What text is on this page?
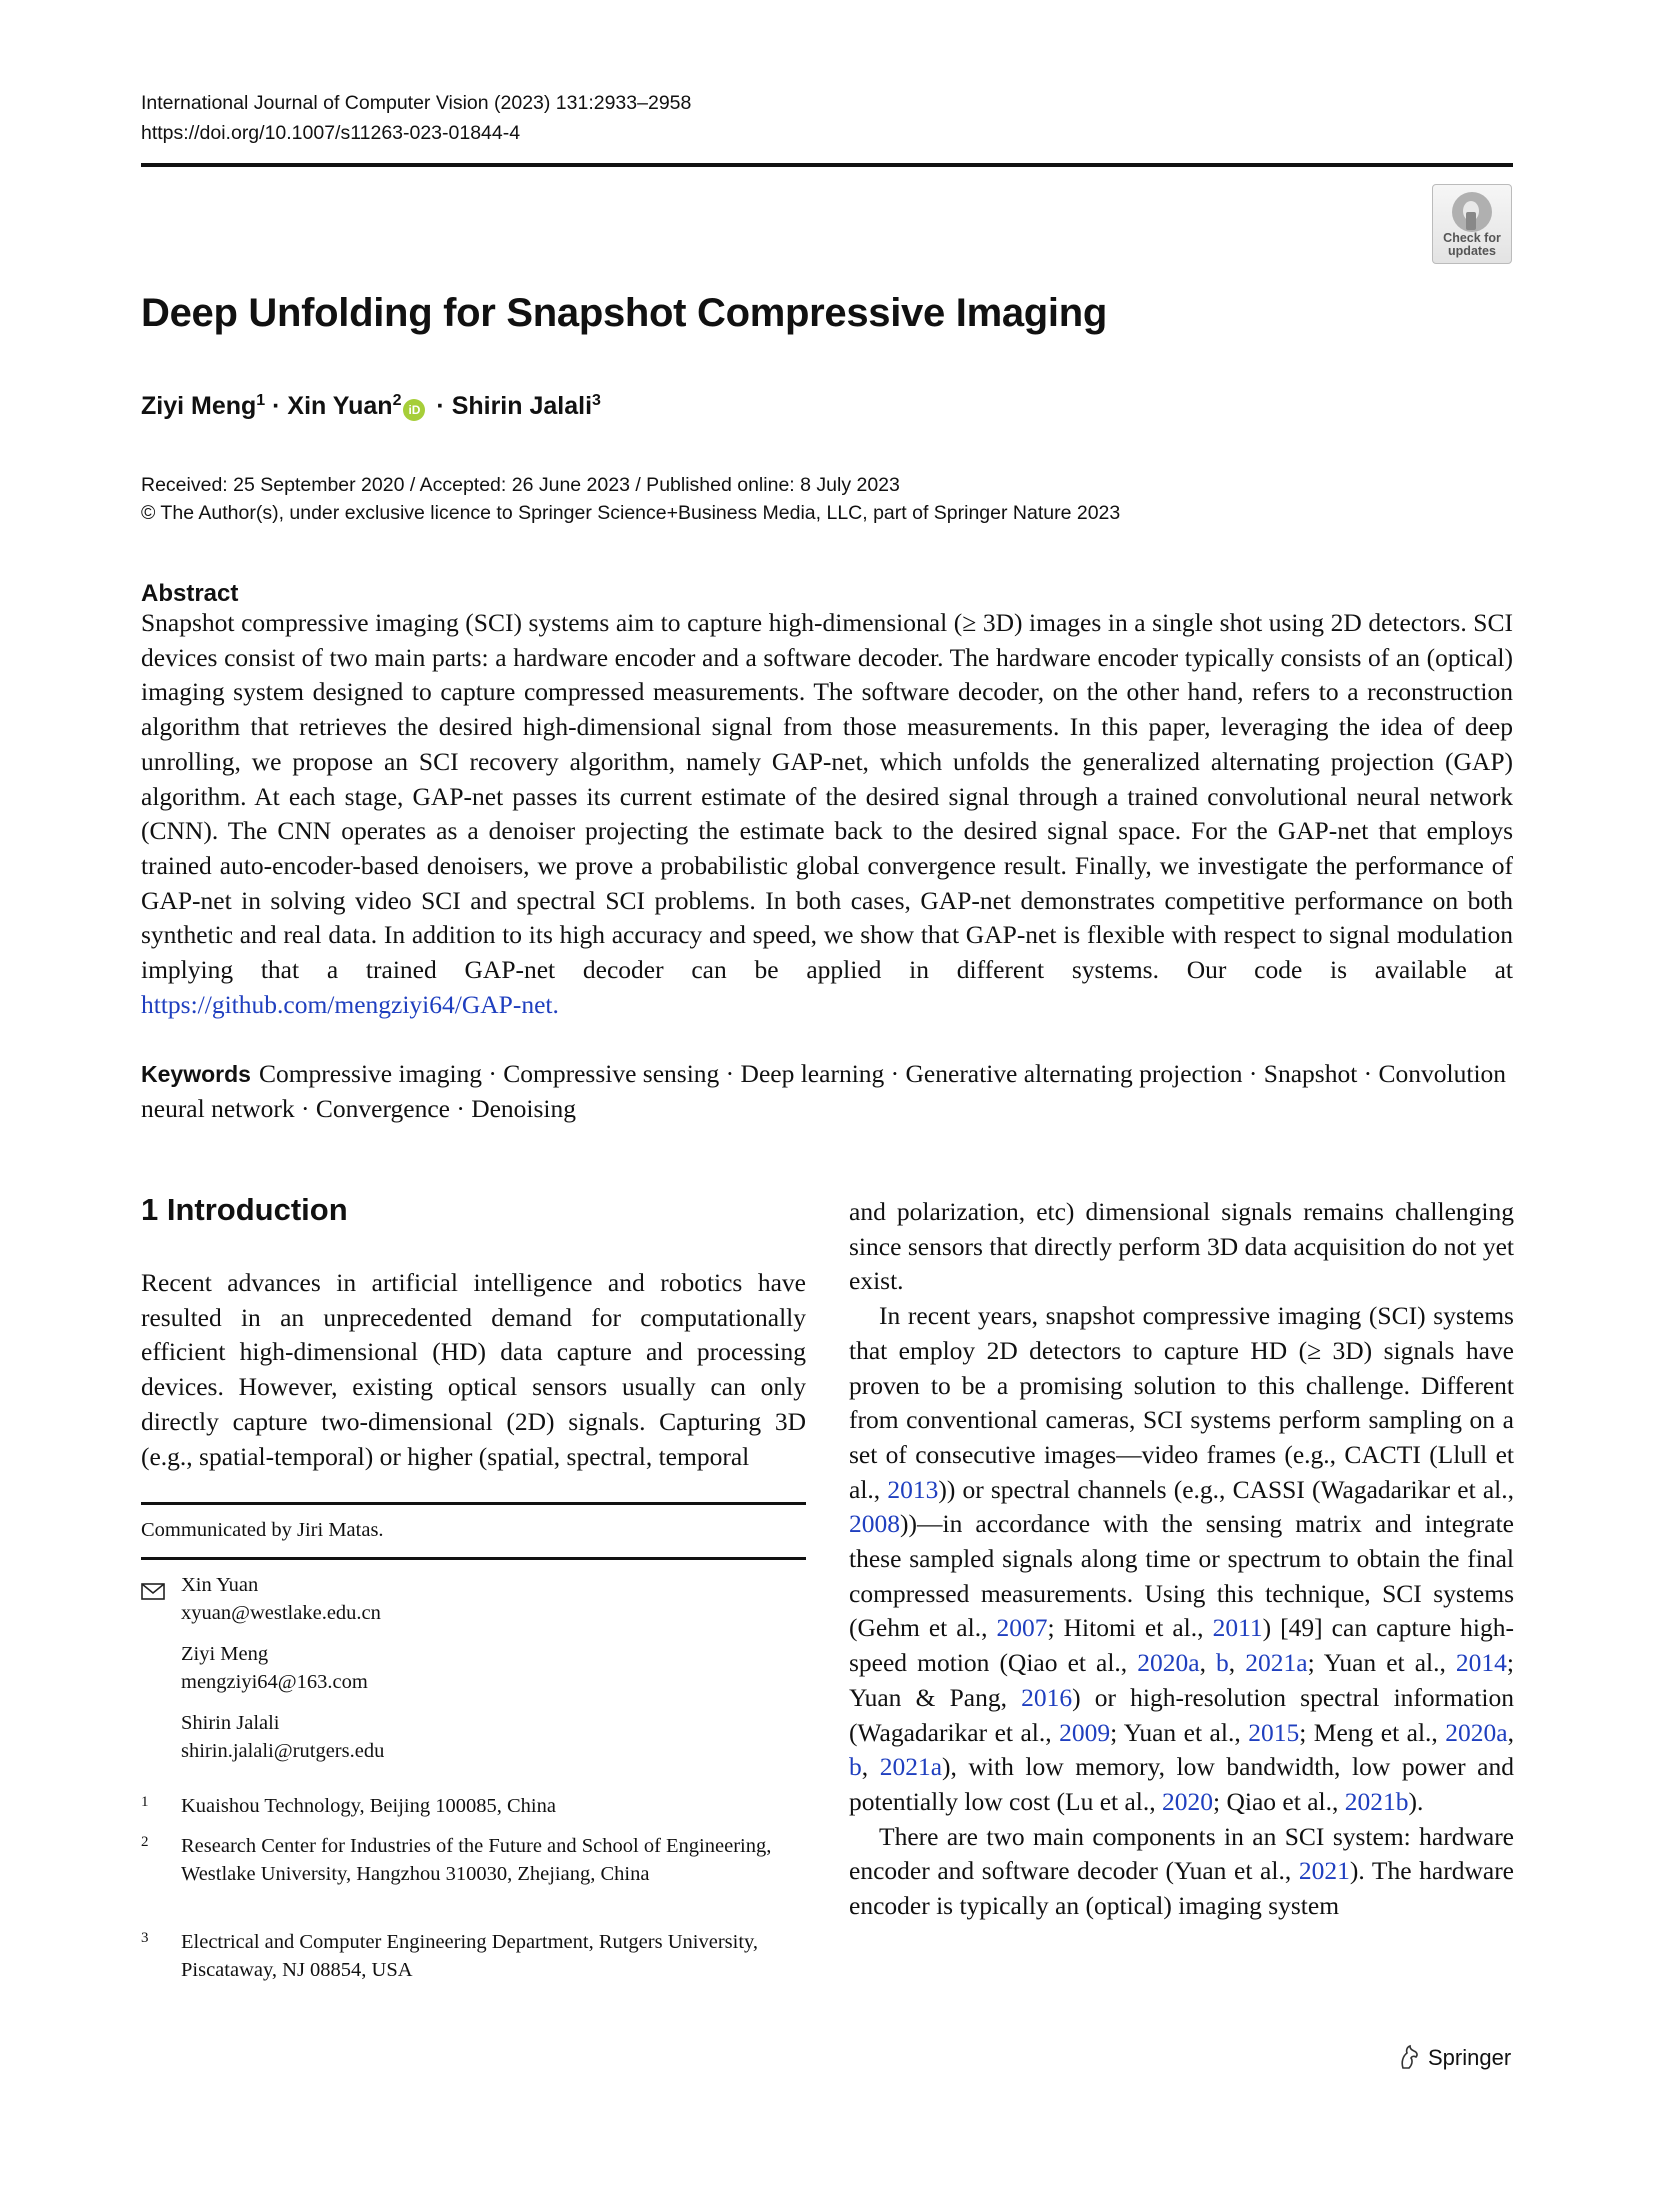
International Journal of Computer Vision (2023) 131:2933–2958
https://doi.org/10.1007/s11263-023-01844-4
Check for
updates
Deep Unfolding for Snapshot Compressive Imaging
Ziyi Meng$^1$ · Xin Yuan$^2$iD · Shirin Jalali$^3$
Received: 25 September 2020 / Accepted: 26 June 2023 / Published online: 8 July 2023
© The Author(s), under exclusive licence to Springer Science+Business Media, LLC, part of Springer Nature 2023
Abstract
Snapshot compressive imaging (SCI) systems aim to capture high-dimensional (≥ 3D) images in a single shot using 2D detectors. SCI devices consist of two main parts: a hardware encoder and a software decoder. The hardware encoder typically consists of an (optical) imaging system designed to capture compressed measurements. The software decoder, on the other hand, refers to a reconstruction algorithm that retrieves the desired high-dimensional signal from those measurements. In this paper, leveraging the idea of deep unrolling, we propose an SCI recovery algorithm, namely GAP-net, which unfolds the generalized alternating projection (GAP) algorithm. At each stage, GAP-net passes its current estimate of the desired signal through a trained convolutional neural network (CNN). The CNN operates as a denoiser projecting the estimate back to the desired signal space. For the GAP-net that employs trained auto-encoder-based denoisers, we prove a probabilistic global convergence result. Finally, we investigate the performance of GAP-net in solving video SCI and spectral SCI problems. In both cases, GAP-net demonstrates competitive performance on both synthetic and real data. In addition to its high accuracy and speed, we show that GAP-net is flexible with respect to signal modulation implying that a trained GAP-net decoder can be applied in different systems. Our code is available at https://github.com/mengziyi64/GAP-net.
Keywords Compressive imaging · Compressive sensing · Deep learning · Generative alternating projection · Snapshot · Convolution neural network · Convergence · Denoising
1 Introduction

Recent advances in artificial intelligence and robotics have resulted in an unprecedented demand for computationally efficient high-dimensional (HD) data capture and processing devices. However, existing optical sensors usually can only directly capture two-dimensional (2D) signals. Capturing 3D (e.g., spatial-temporal) or higher (spatial, spectral, temporal

and polarization, etc) dimensional signals remains challenging since sensors that directly perform 3D data acquisition do not yet exist.

In recent years, snapshot compressive imaging (SCI) systems that employ 2D detectors to capture HD (≥ 3D) signals have proven to be a promising solution to this challenge. Different from conventional cameras, SCI systems perform sampling on a set of consecutive images—video frames (e.g., CACTI (Llull et al., 2013)) or spectral channels (e.g., CASSI (Wagadarikar et al., 2008))—in accordance with the sensing matrix and integrate these sampled signals along time or spectrum to obtain the final compressed measurements. Using this technique, SCI systems (Gehm et al., 2007; Hitomi et al., 2011) [49] can capture high-speed motion (Qiao et al., 2020a, b, 2021a; Yuan et al., 2014; Yuan & Pang, 2016) or high-resolution spectral information (Wagadarikar et al., 2009; Yuan et al., 2015; Meng et al., 2020a, b, 2021a), with low memory, low bandwidth, low power and potentially low cost (Lu et al., 2020; Qiao et al., 2021b).

There are two main components in an SCI system: hardware encoder and software decoder (Yuan et al., 2021). The hardware encoder is typically an (optical) imaging system

Communicated by Jiri Matas.
Xin Yuan
xyuan@westlake.edu.cn
Ziyi Meng
mengziyi64@163.com
Shirin Jalali
shirin.jalali@rutgers.edu
1 Kuaishou Technology, Beijing 100085, China
2 Research Center for Industries of the Future and School of Engineering, Westlake University, Hangzhou 310030, Zhejiang, China
3 Electrical and Computer Engineering Department, Rutgers University, Piscataway, NJ 08854, USA
Springer
